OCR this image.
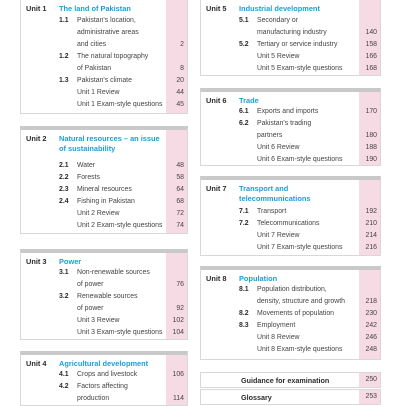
Unit 1 The land of Pakistan
1.1 Pakistan's location,
administrative areas
and cities	2
1.2 The natural topography
of Pakistan	8
1.3 Pakistan's climate	20
Unit 1 Review	44
Unit 1 Exam-style questions	45
Unit 2 Natural resources – an issue of sustainability
2.1 Water	48
2.2 Forests	58
2.3 Mineral resources	64
2.4 Fishing in Pakistan	68
Unit 2 Review	72
Unit 2 Exam-style questions	74
Unit 3 Power
3.1 Non-renewable sources
of power	76
3.2 Renewable sources
of power	92
Unit 3 Review	102
Unit 3 Exam-style questions	104
Unit 4 Agricultural development
4.1 Crops and livestock	106
4.2 Factors affecting
production	114
Unit 5 Industrial development
5.1 Secondary or
manufacturing industry	140
5.2 Tertiary or service industry	158
Unit 5 Review	166
Unit 5 Exam-style questions	168
Unit 6 Trade
6.1 Exports and imports	170
6.2 Pakistan's trading
partners	180
Unit 6 Review	188
Unit 6 Exam-style questions	190
Unit 7 Transport and telecommunications
7.1 Transport	192
7.2 Telecommunications	210
Unit 7 Review	214
Unit 7 Exam-style questions	216
Unit 8 Population
8.1 Population distribution,
density, structure and growth	218
8.2 Movements of population	230
8.3 Employment	242
Unit 8 Review	246
Unit 8 Exam-style questions	248
Guidance for examination	250
Glossary	253
